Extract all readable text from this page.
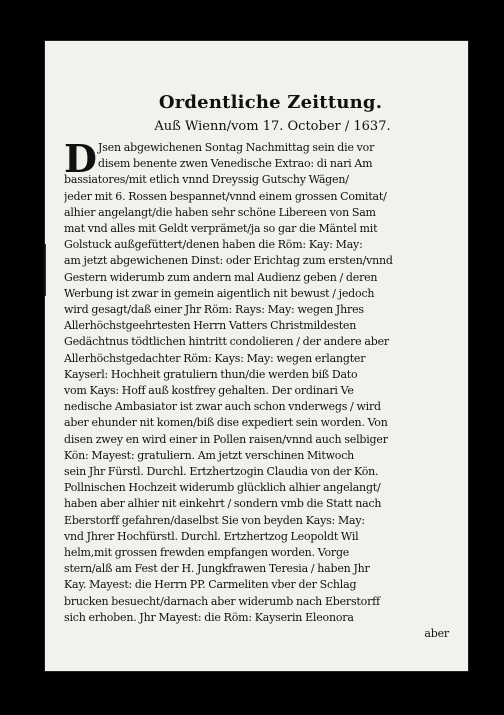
Ordentliche Zeittung.
Auß Wienn/vom 17. October / 1637.
D Jsen abgewichenen Sontag Nachmittag sein die vor
disem benente zwen Venedische Extrao: di nari Am
bassiatores/mit etlich vnnd Dreyssig Gutschy Wägen/
jeder mit 6. Rossen bespannet/vnnd einem grossen Comitat/
alhier angelangt/die haben sehr schöne Libereen von Sam
mat vnd alles mit Geldt verprämet/ja so gar die Mäntel mit
Golstuck außgefüttert/denen haben die Röm: Kay: May:
am jetzt abgewichenen Dinst: oder Erichtag zum ersten/vnnd
Gestern widerumb zum andern mal Audienz geben / deren
Werbung ist zwar in gemein aigentlich nit bewust / jedoch
wird gesagt/daß einer Jhr Röm: Rays: May: wegen Jhres
Allerhöchstgeehrtesten Herrn Vatters Christmildesten
Gedächtnus tödtlichen hintritt condolieren / der andere aber
Allerhöchstgedachter Röm: Kays: May: wegen erlangter
Kayserl: Hochheit gratuliern thun/die werden biß Dato
vom Kays: Hoff auß kostfrey gehalten. Der ordinari Ve
nedische Ambasiator ist zwar auch schon vnderwegs / wird
aber ehunder nit komen/biß dise expediert sein worden. Von
disen zwey en wird einer in Pollen raisen/vnnd auch selbiger
Kön: Mayest: gratuliern. Am jetzt verschinen Mitwoch
sein Jhr Fürstl. Durchl. Ertzhertzogin Claudia von der Kön.
Pollnischen Hochzeit widerumb glücklich alhier angelangt/
haben aber alhier nit einkehrt / sondern vmb die Statt nach
Eberstorff gefahren/daselbst Sie von beyden Kays: May:
vnd Jhrer Hochfürstl. Durchl. Ertzhertzog Leopoldt Wil
helm,mit grossen frewden empfangen worden. Vorge
stern/alß am Fest der H. Jungkfrawen Teresia / haben Jhr
Kay. Mayest: die Herrn PP. Carmeliten vber der Schlag
brucken besuecht/darnach aber widerumb nach Eberstorff
sich erhoben. Jhr Mayest: die Röm: Kayserin Eleonora
aber
